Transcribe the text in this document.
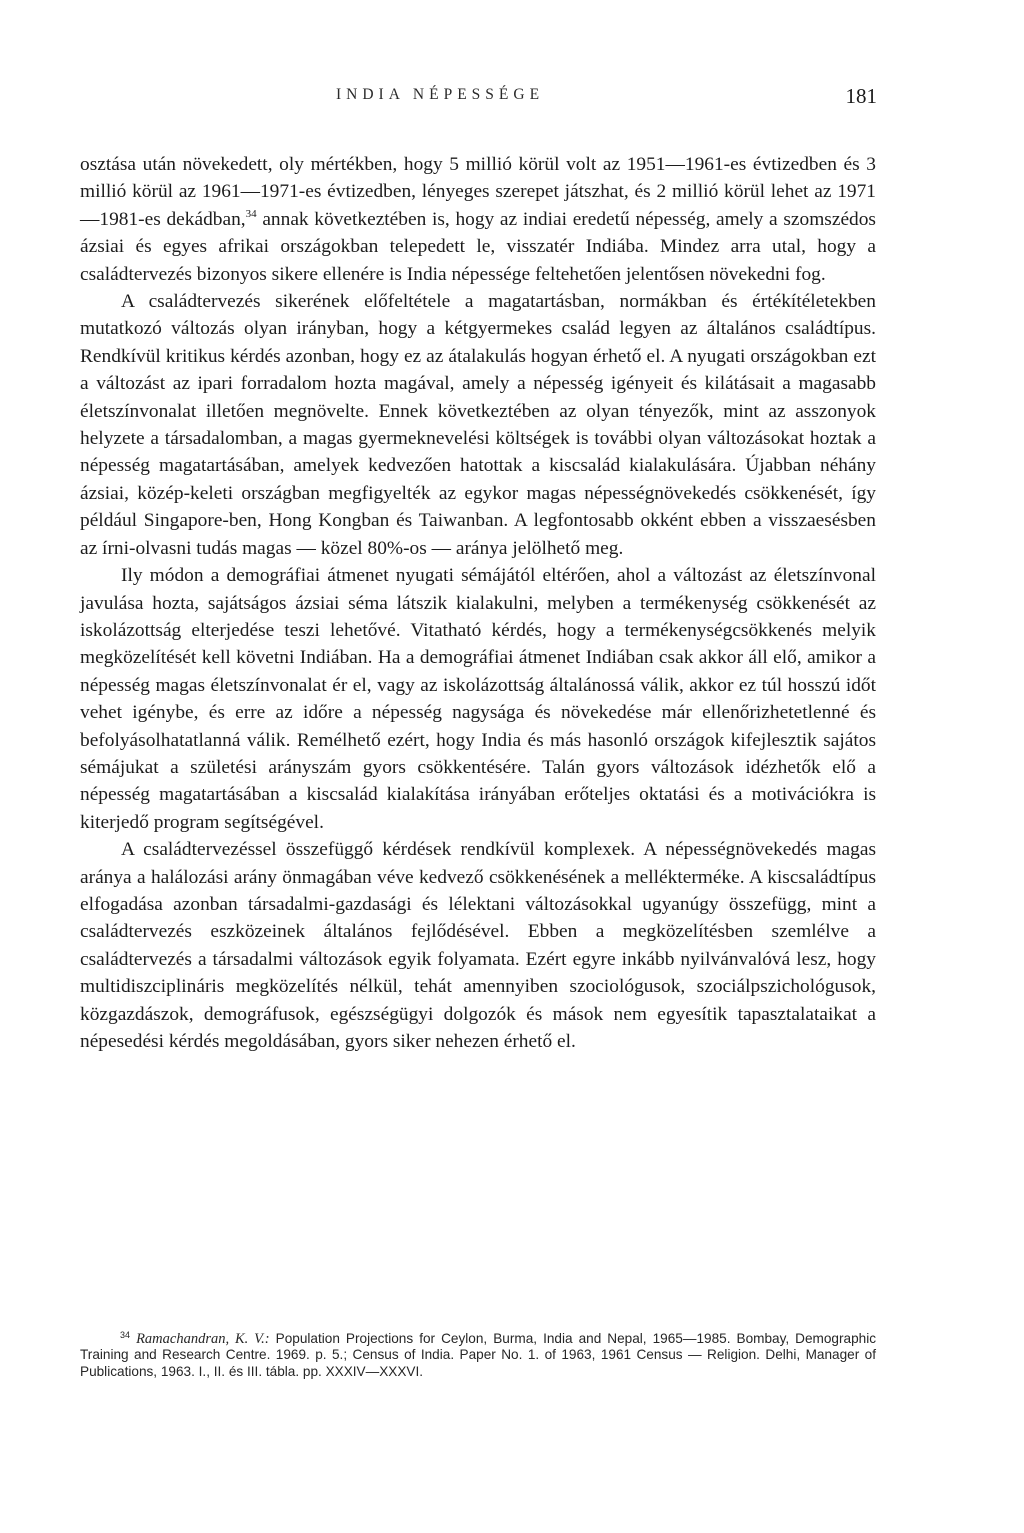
INDIA NÉPESSÉGE	181

osztása után növekedett, oly mértékben, hogy 5 millió körül volt az 1951—1961-es évtizedben és 3 millió körül az 1961—1971-es évtizedben, lényeges szerepet játszhat, és 2 millió körül lehet az 1971—1981-es dekádban,$^{34}$ annak következtében is, hogy az indiai eredetű népesség, amely a szomszédos ázsiai és egyes afrikai országokban telepedett le, visszatér Indiába. Mindez arra utal, hogy a családtervezés bizonyos sikere ellenére is India népessége feltehetően jelentősen növekedni fog.

A családtervezés sikerének előfeltétele a magatartásban, normákban és értékítéletekben mutatkozó változás olyan irányban, hogy a kétgyermekes család legyen az általános családtípus. Rendkívül kritikus kérdés azonban, hogy ez az átalakulás hogyan érhető el. A nyugati országokban ezt a változást az ipari forradalom hozta magával, amely a népesség igényeit és kilátásait a magasabb életszínvonalat illetően megnövelte. Ennek következtében az olyan tényezők, mint az asszonyok helyzete a társadalomban, a magas gyermeknevelési költségek is további olyan változásokat hoztak a népesség magatartásában, amelyek kedvezően hatottak a kiscsalád kialakulására. Újabban néhány ázsiai, közép-keleti országban megfigyelték az egykor magas népességnövekedés csökkenését, így például Singapore-ben, Hong Kongban és Taiwanban. A legfontosabb okként ebben a visszaesésben az írni-olvasni tudás magas — közel 80%-os — aránya jelölhető meg.

Ily módon a demográfiai átmenet nyugati sémájától eltérően, ahol a változást az életszínvonal javulása hozta, sajátságos ázsiai séma látszik kialakulni, melyben a termékenység csökkenését az iskolázottság elterjedése teszi lehetővé. Vitatható kérdés, hogy a termékenységcsökkenés melyik megközelítését kell követni Indiában. Ha a demográfiai átmenet Indiában csak akkor áll elő, amikor a népesség magas életszínvonalat ér el, vagy az iskolázottság általánossá válik, akkor ez túl hosszú időt vehet igénybe, és erre az időre a népesség nagysága és növekedése már ellenőrizhetetlenné és befolyásolhatatlanná válik. Remélhető ezért, hogy India és más hasonló országok kifejlesztik sajátos sémájukat a születési arányszám gyors csökkentésére. Talán gyors változások idézhetők elő a népesség magatartásában a kiscsalád kialakítása irányában erőteljes oktatási és a motivációkra is kiterjedő program segítségével.

A családtervezéssel összefüggő kérdések rendkívül komplexek. A népességnövekedés magas aránya a halálozási arány önmagában véve kedvező csökkenésének a mellékterméke. A kiscsaládtípus elfogadása azonban társadalmi-gazdasági és lélektani változásokkal ugyanúgy összefügg, mint a családtervezés eszközeinek általános fejlődésével. Ebben a megközelítésben szemlélve a családtervezés a társadalmi változások egyik folyamata. Ezért egyre inkább nyilvánvalóvá lesz, hogy multidiszciplináris megközelítés nélkül, tehát amennyiben szociológusok, szociálpszichológusok, közgazdászok, demográfusok, egészségügyi dolgozók és mások nem egyesítik tapasztalataikat a népesedési kérdés megoldásában, gyors siker nehezen érhető el.

$^{34}$ Ramachandran, K. V.: Population Projections for Ceylon, Burma, India and Nepal, 1965—1985. Bombay, Demographic Training and Research Centre. 1969. p. 5.; Census of India. Paper No. 1. of 1963, 1961 Census — Religion. Delhi, Manager of Publications, 1963. I., II. és III. tábla. pp. XXXIV—XXXVI.
